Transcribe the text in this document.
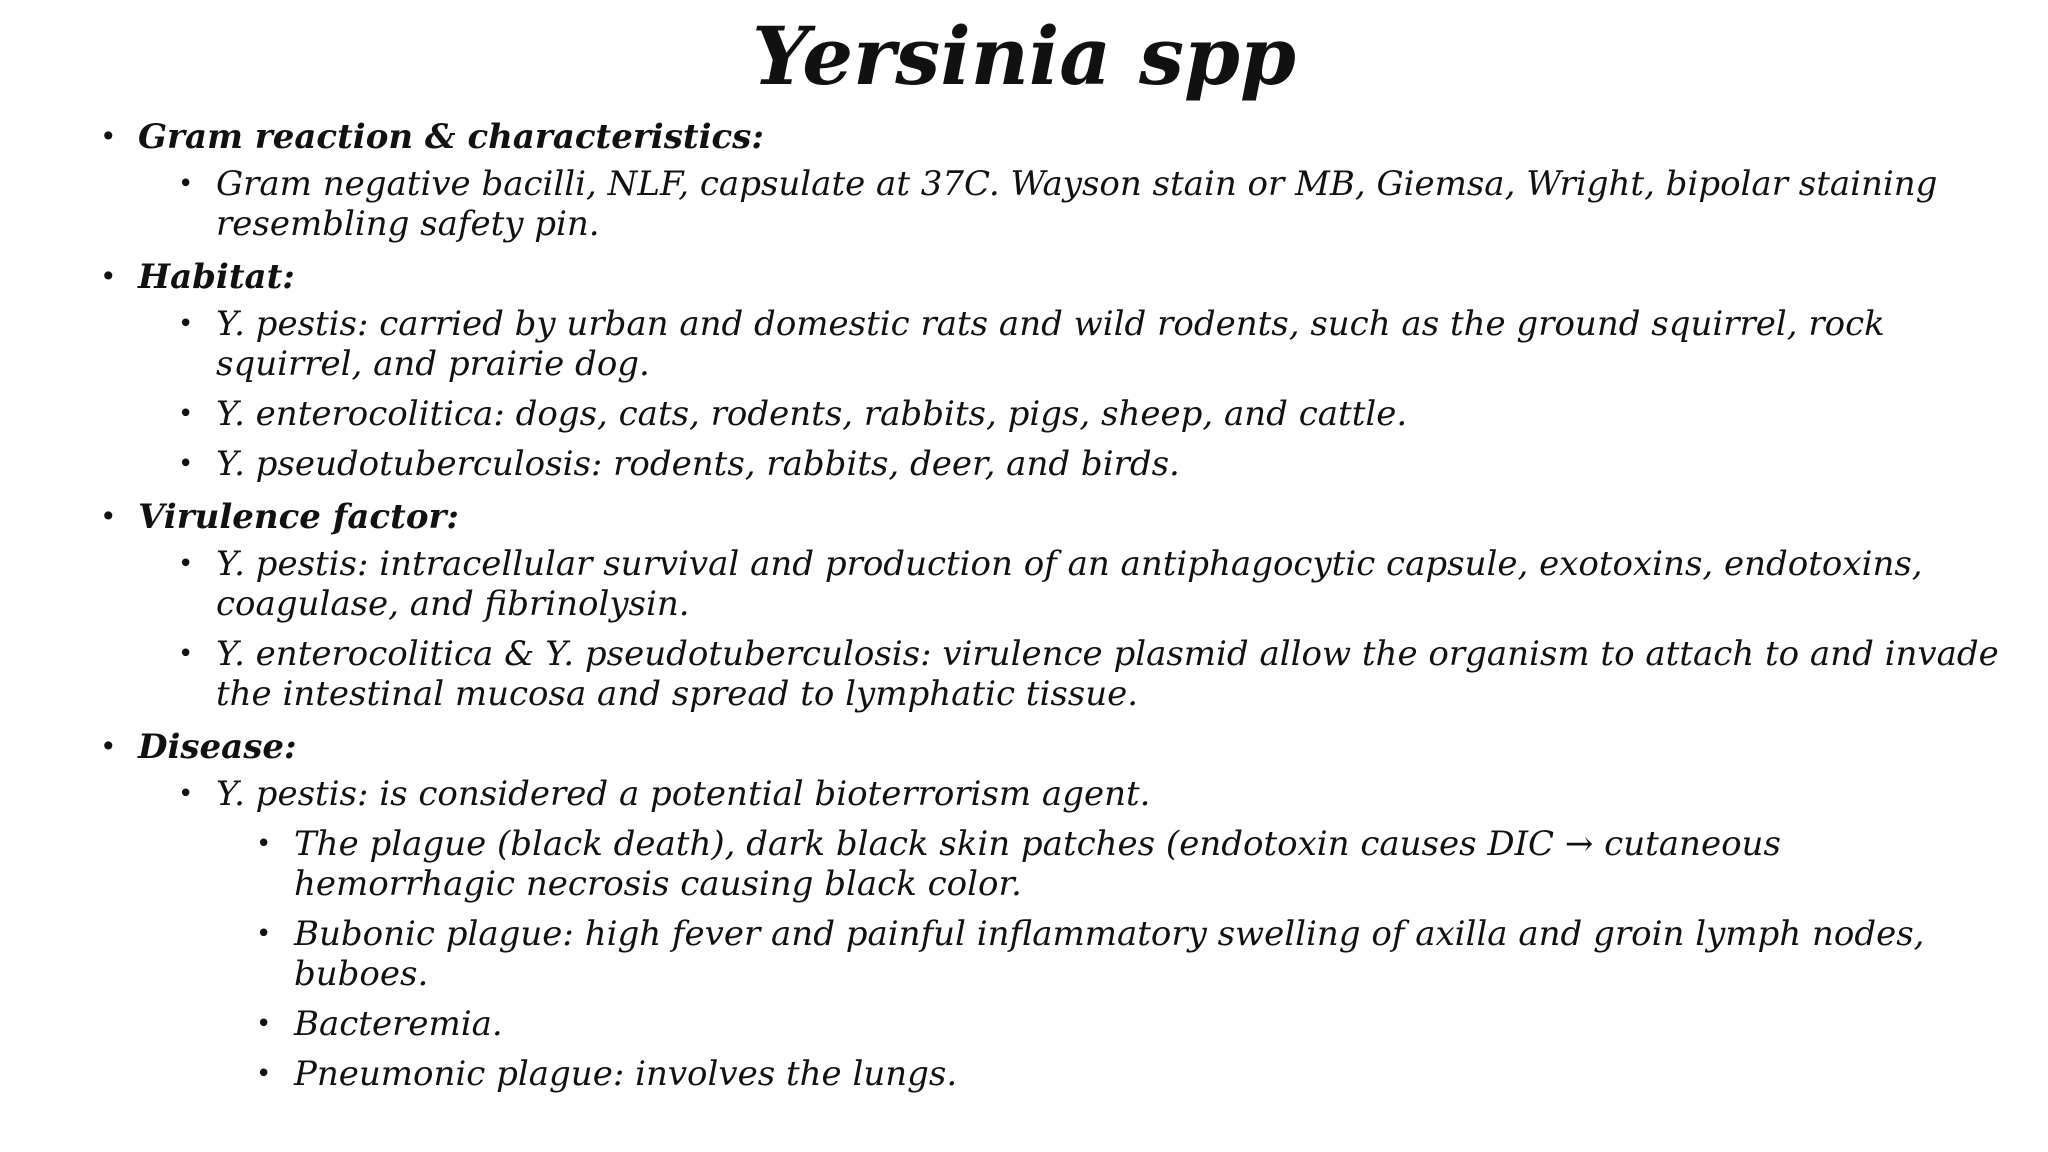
Yersinia spp
• Gram reaction & characteristics:
• Gram negative bacilli, NLF, capsulate at 37C. Wayson stain or MB, Giemsa, Wright, bipolar staining resembling safety pin.
• Habitat:
• Y. pestis: carried by urban and domestic rats and wild rodents, such as the ground squirrel, rock squirrel, and prairie dog.
• Y. enterocolitica: dogs, cats, rodents, rabbits, pigs, sheep, and cattle.
• Y. pseudotuberculosis: rodents, rabbits, deer, and birds.
• Virulence factor:
• Y. pestis: intracellular survival and production of an antiphagocytic capsule, exotoxins, endotoxins, coagulase, and fibrinolysin.
• Y. enterocolitica & Y. pseudotuberculosis: virulence plasmid allow the organism to attach to and invade the intestinal mucosa and spread to lymphatic tissue.
• Disease:
• Y. pestis: is considered a potential bioterrorism agent.
• The plague (black death), dark black skin patches (endotoxin causes DIC → cutaneous hemorrhagic necrosis causing black color.
• Bubonic plague: high fever and painful inflammatory swelling of axilla and groin lymph nodes, buboes.
• Bacteremia.
• Pneumonic plague: involves the lungs.
